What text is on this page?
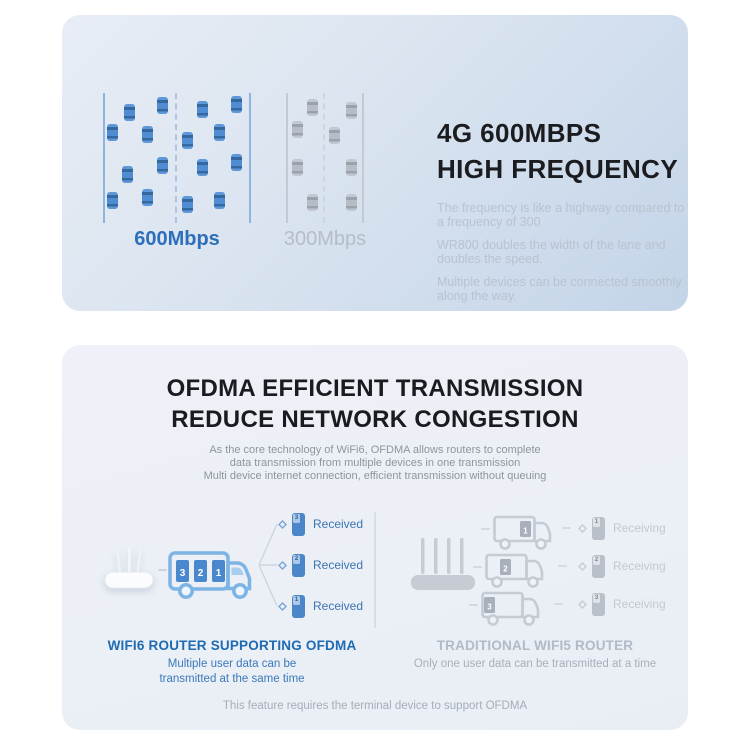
600Mbps	300Mbps
4G 600MBPS
HIGH FREQUENCY

The frequency is like a highway compared to a frequency of 300

WR800 doubles the width of the lane and doubles the speed.

Multiple devices can be connected smoothly along the way.

OFDMA EFFICIENT TRANSMISSION
REDUCE NETWORK CONGESTION
As the core technology of WiFi6, OFDMA allows routers to complete
data transmission from multiple devices in one transmission
Multi device internet connection, efficient transmission without queuing
3 2 1
3 Received
2 Received
1 Received
1
2
3
1 Receiving
2 Receiving
3 Receiving
WIFI6 ROUTER SUPPORTING OFDMA
Multiple user data can be
transmitted at the same time
TRADITIONAL WIFI5 ROUTER
Only one user data can be transmitted at a time
This feature requires the terminal device to support OFDMA
